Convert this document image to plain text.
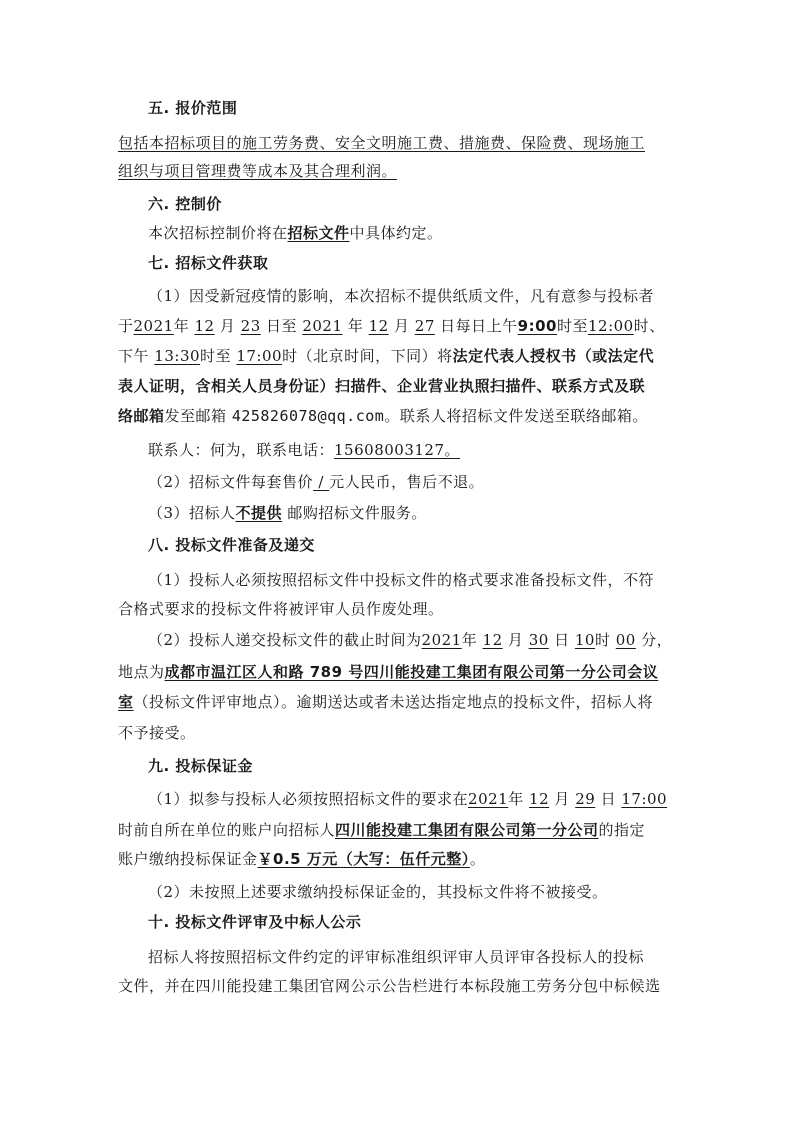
五. 报价范围
包括本招标项目的施工劳务费、安全文明施工费、措施费、保险费、现场施工
组织与项目管理费等成本及其合理利润。
六. 控制价
本次招标控制价将在招标文件中具体约定。
七. 招标文件获取
（1）因受新冠疫情的影响，本次招标不提供纸质文件，凡有意参与投标者
于2021年 12 月 23 日至 2021 年 12 月 27 日每日上午9:00时至12:00时、
下午 13:30时至 17:00时（北京时间，下同）将法定代表人授权书（或法定代
表人证明，含相关人员身份证）扫描件、企业营业执照扫描件、联系方式及联
络邮箱发至邮箱 425826078@qq.com。联系人将招标文件发送至联络邮箱。
联系人：何为，联系电话：15608003127。
（2）招标文件每套售价 / 元人民币，售后不退。
（3）招标人不提供 邮购招标文件服务。
八. 投标文件准备及递交
（1）投标人必须按照招标文件中投标文件的格式要求准备投标文件，不符
合格式要求的投标文件将被评审人员作废处理。
（2）投标人递交投标文件的截止时间为2021年 12 月 30 日 10时 00 分，
地点为成都市温江区人和路 789 号四川能投建工集团有限公司第一分公司会议
室（投标文件评审地点）。逾期送达或者未送达指定地点的投标文件，招标人将
不予接受。
九. 投标保证金
（1）拟参与投标人必须按照招标文件的要求在2021年 12 月 29 日 17:00
时前自所在单位的账户向招标人四川能投建工集团有限公司第一分公司的指定
账户缴纳投标保证金￥0.5 万元（大写：伍仟元整）。
（2）未按照上述要求缴纳投标保证金的，其投标文件将不被接受。
十. 投标文件评审及中标人公示
招标人将按照招标文件约定的评审标准组织评审人员评审各投标人的投标
文件，并在四川能投建工集团官网公示公告栏进行本标段施工劳务分包中标候选
